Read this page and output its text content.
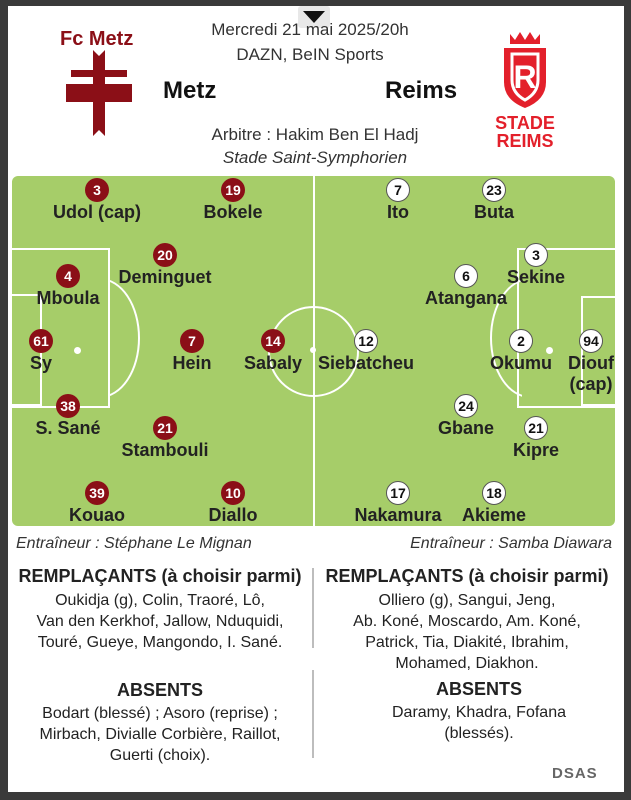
Mercredi 21 mai 2025/20h
DAZN, BeIN Sports
Fc Metz
Metz	Reims R
STADE
REIMS
Arbitre : Hakim Ben El Hadj
Stade Saint-Symphorien
3
Udol (cap)
19
Bokele
20
Deminguet
4
Mboula
61
Sy
7
Hein
14
Sabaly
38
S. Sané	21
Stambouli
39
Kouao
10
Diallo
7
Ito
23
Buta
3
Sekine
6
Atangana
12
Siebatcheu
2
Okumu
94
Diouf (cap)
24
Gbane	21
Kipre
17
Nakamura
18
Akieme
Entraîneur : Stéphane Le Mignan	Entraîneur : Samba Diawara
REMPLAÇANTS (à choisir parmi)
Oukidja (g), Colin, Traoré, Lô,
Van den Kerkhof, Jallow, Nduquidi,
Touré, Gueye, Mangondo, I. Sané.
REMPLAÇANTS (à choisir parmi)
Olliero (g), Sangui, Jeng,
Ab. Koné, Moscardo, Am. Koné,
Patrick, Tia, Diakité, Ibrahim,
Mohamed, Diakhon.
ABSENTS
Bodart (blessé) ; Asoro (reprise) ;
Mirbach, Divialle Corbière, Raillot,
Guerti (choix).
ABSENTS
Daramy, Khadra, Fofana
(blessés).
DSAS
